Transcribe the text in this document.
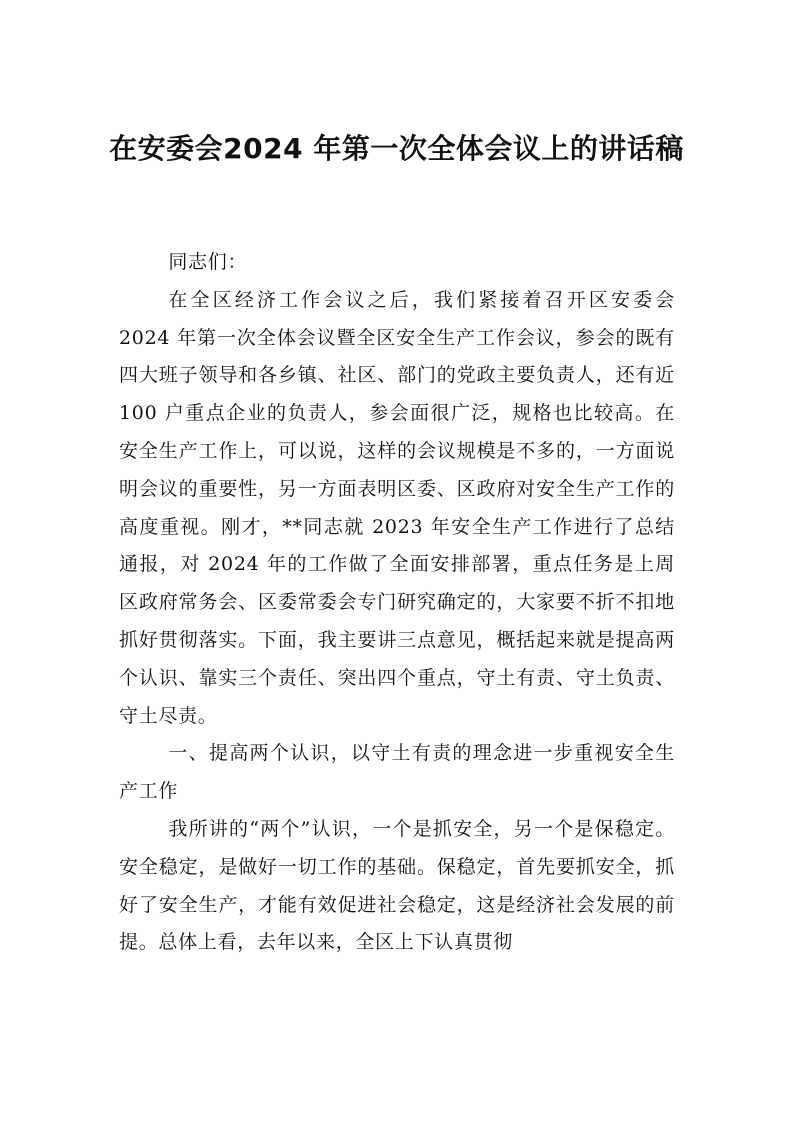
在安委会2024 年第一次全体会议上的讲话稿

同志们：

在全区经济工作会议之后，我们紧接着召开区安委会 2024 年第一次全体会议暨全区安全生产工作会议，参会的既有四大班子领导和各乡镇、社区、部门的党政主要负责人，还有近 100 户重点企业的负责人，参会面很广泛，规格也比较高。在安全生产工作上，可以说，这样的会议规模是不多的，一方面说明会议的重要性，另一方面表明区委、区政府对安全生产工作的高度重视。刚才，**同志就 2023 年安全生产工作进行了总结通报，对 2024 年的工作做了全面安排部署，重点任务是上周区政府常务会、区委常委会专门研究确定的，大家要不折不扣地抓好贯彻落实。下面，我主要讲三点意见，概括起来就是提高两个认识、靠实三个责任、突出四个重点，守土有责、守土负责、守土尽责。

一、提高两个认识，以守土有责的理念进一步重视安全生产工作

我所讲的“两个”认识，一个是抓安全，另一个是保稳定。安全稳定，是做好一切工作的基础。保稳定，首先要抓安全，抓好了安全生产，才能有效促进社会稳定，这是经济社会发展的前提。总体上看，去年以来，全区上下认真贯彻
